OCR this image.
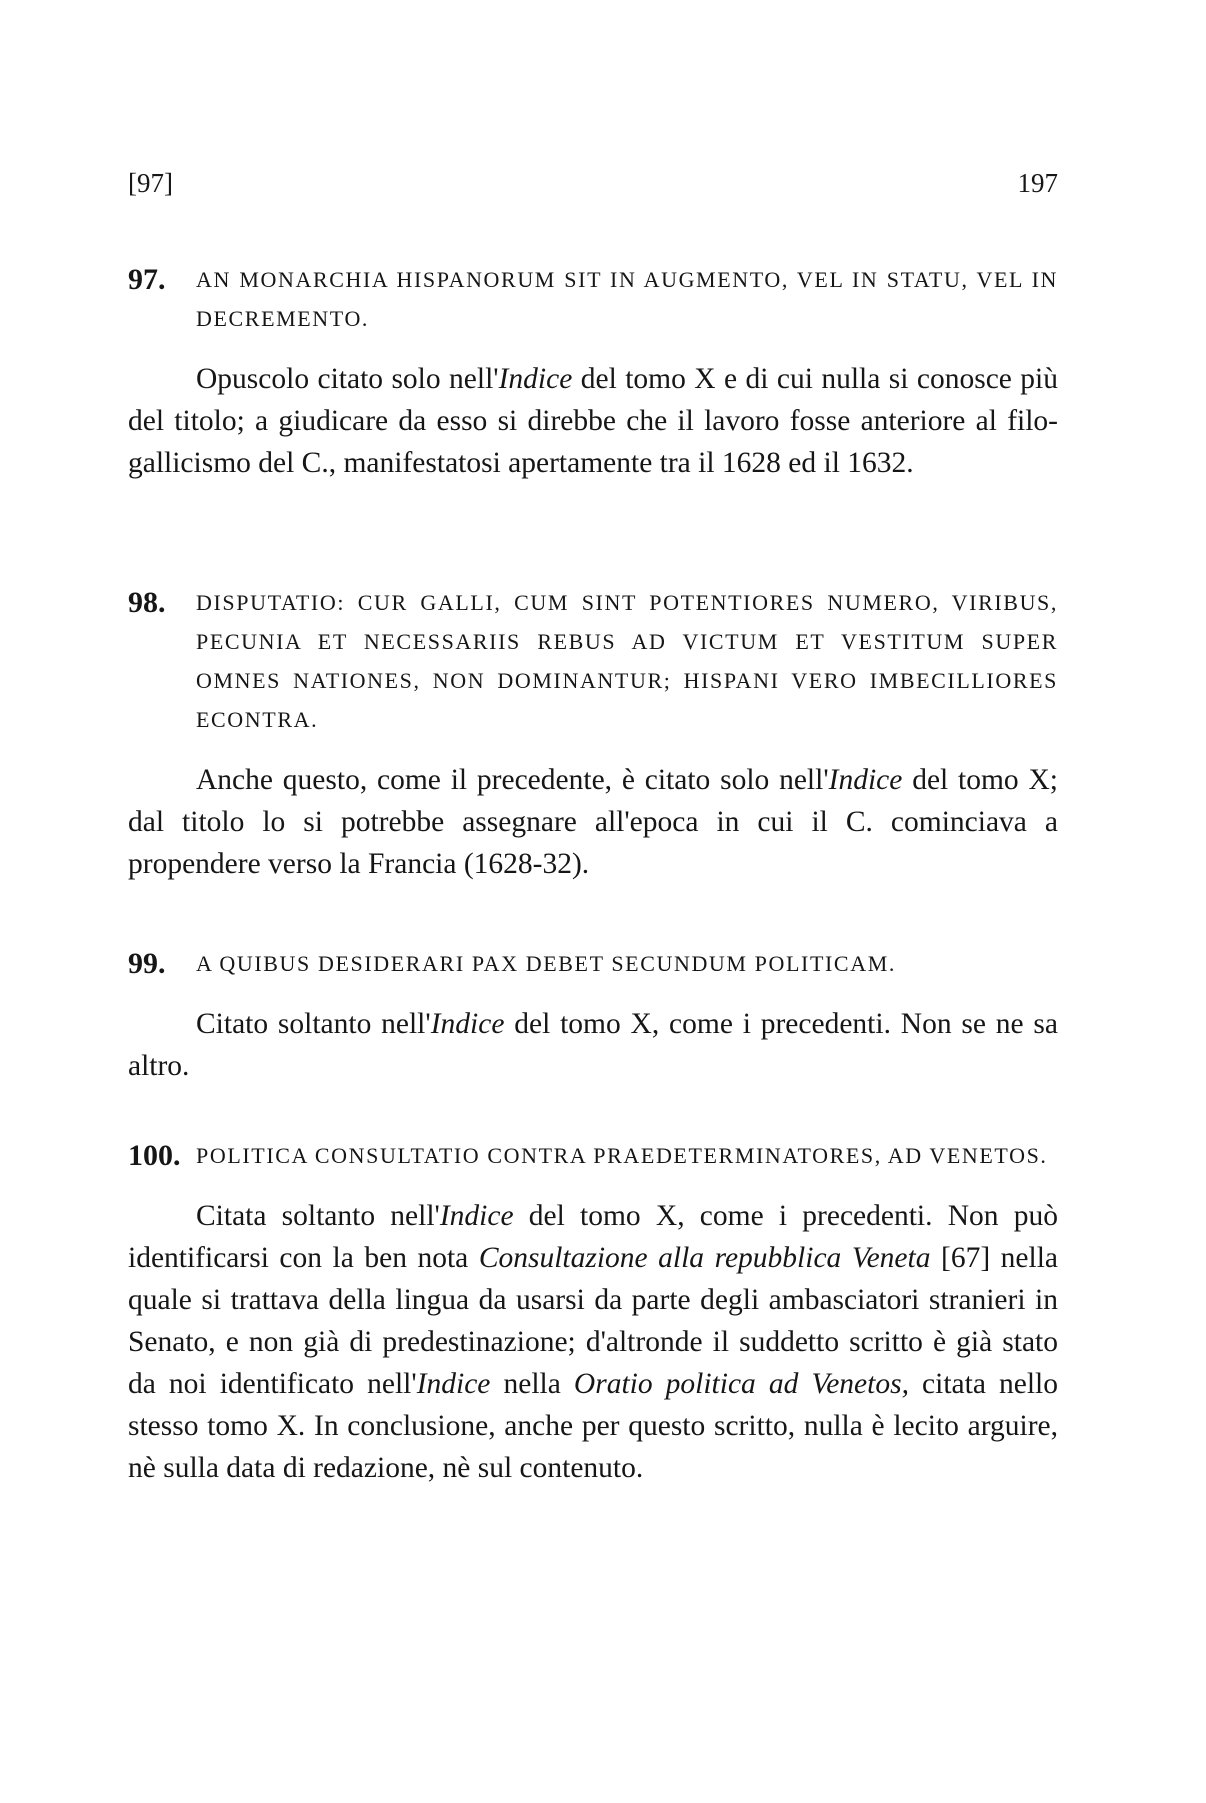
[97]	197
97. AN MONARCHIA HISPANORUM SIT IN AUGMENTO, VEL IN STATU, VEL IN DECREMENTO.

Opuscolo citato solo nell'Indice del tomo X e di cui nulla si conosce più del titolo; a giudicare da esso si direbbe che il lavoro fosse anteriore al filo-gallicismo del C., manifestatosi apertamente tra il 1628 ed il 1632.

98. DISPUTATIO: CUR GALLI, CUM SINT POTENTIORES NUMERO, VIRIBUS, PECUNIA ET NECESSARIIS REBUS AD VICTUM ET VESTITUM SUPER OMNES NATIONES, NON DOMINANTUR; HISPANI VERO IMBECILLIORES ECONTRA.

Anche questo, come il precedente, è citato solo nell'Indice del tomo X; dal titolo lo si potrebbe assegnare all'epoca in cui il C. cominciava a propendere verso la Francia (1628-32).

99. A QUIBUS DESIDERARI PAX DEBET SECUNDUM POLITICAM.

Citato soltanto nell'Indice del tomo X, come i precedenti. Non se ne sa altro.

100. POLITICA CONSULTATIO CONTRA PRAEDETERMINATORES, AD VENETOS.

Citata soltanto nell'Indice del tomo X, come i precedenti. Non può identificarsi con la ben nota Consultazione alla repubblica Veneta [67] nella quale si trattava della lingua da usarsi da parte degli ambasciatori stranieri in Senato, e non già di predestinazione; d'altronde il suddetto scritto è già stato da noi identificato nell'Indice nella Oratio politica ad Venetos, citata nello stesso tomo X. In conclusione, anche per questo scritto, nulla è lecito arguire, nè sulla data di redazione, nè sul contenuto.
